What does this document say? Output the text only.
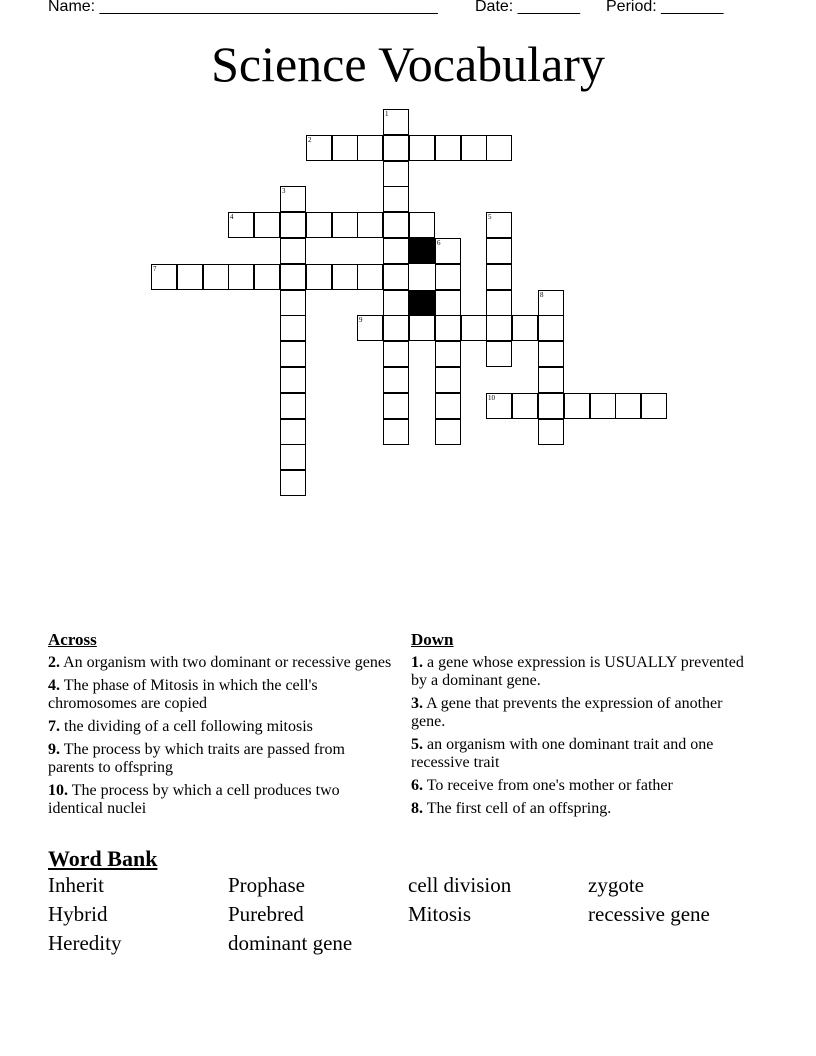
Name: ______________________________________

Date: _______

Period: _______

Science Vocabulary
1
2
3
4	5
6
7
8
9
10
Across
2. An organism with two dominant or recessive genes
4. The phase of Mitosis in which the cell's chromosomes are copied
7. the dividing of a cell following mitosis
9. The process by which traits are passed from parents to offspring
10. The process by which a cell produces two identical nuclei
Down
1. a gene whose expression is USUALLY prevented by a dominant gene.
3. A gene that prevents the expression of another gene.
5. an organism with one dominant trait and one recessive trait
6. To receive from one's mother or father
8. The first cell of an offspring.
Word Bank
Inherit	Prophase	cell division	zygote
Hybrid	Purebred	Mitosis	recessive gene
Heredity	dominant gene
